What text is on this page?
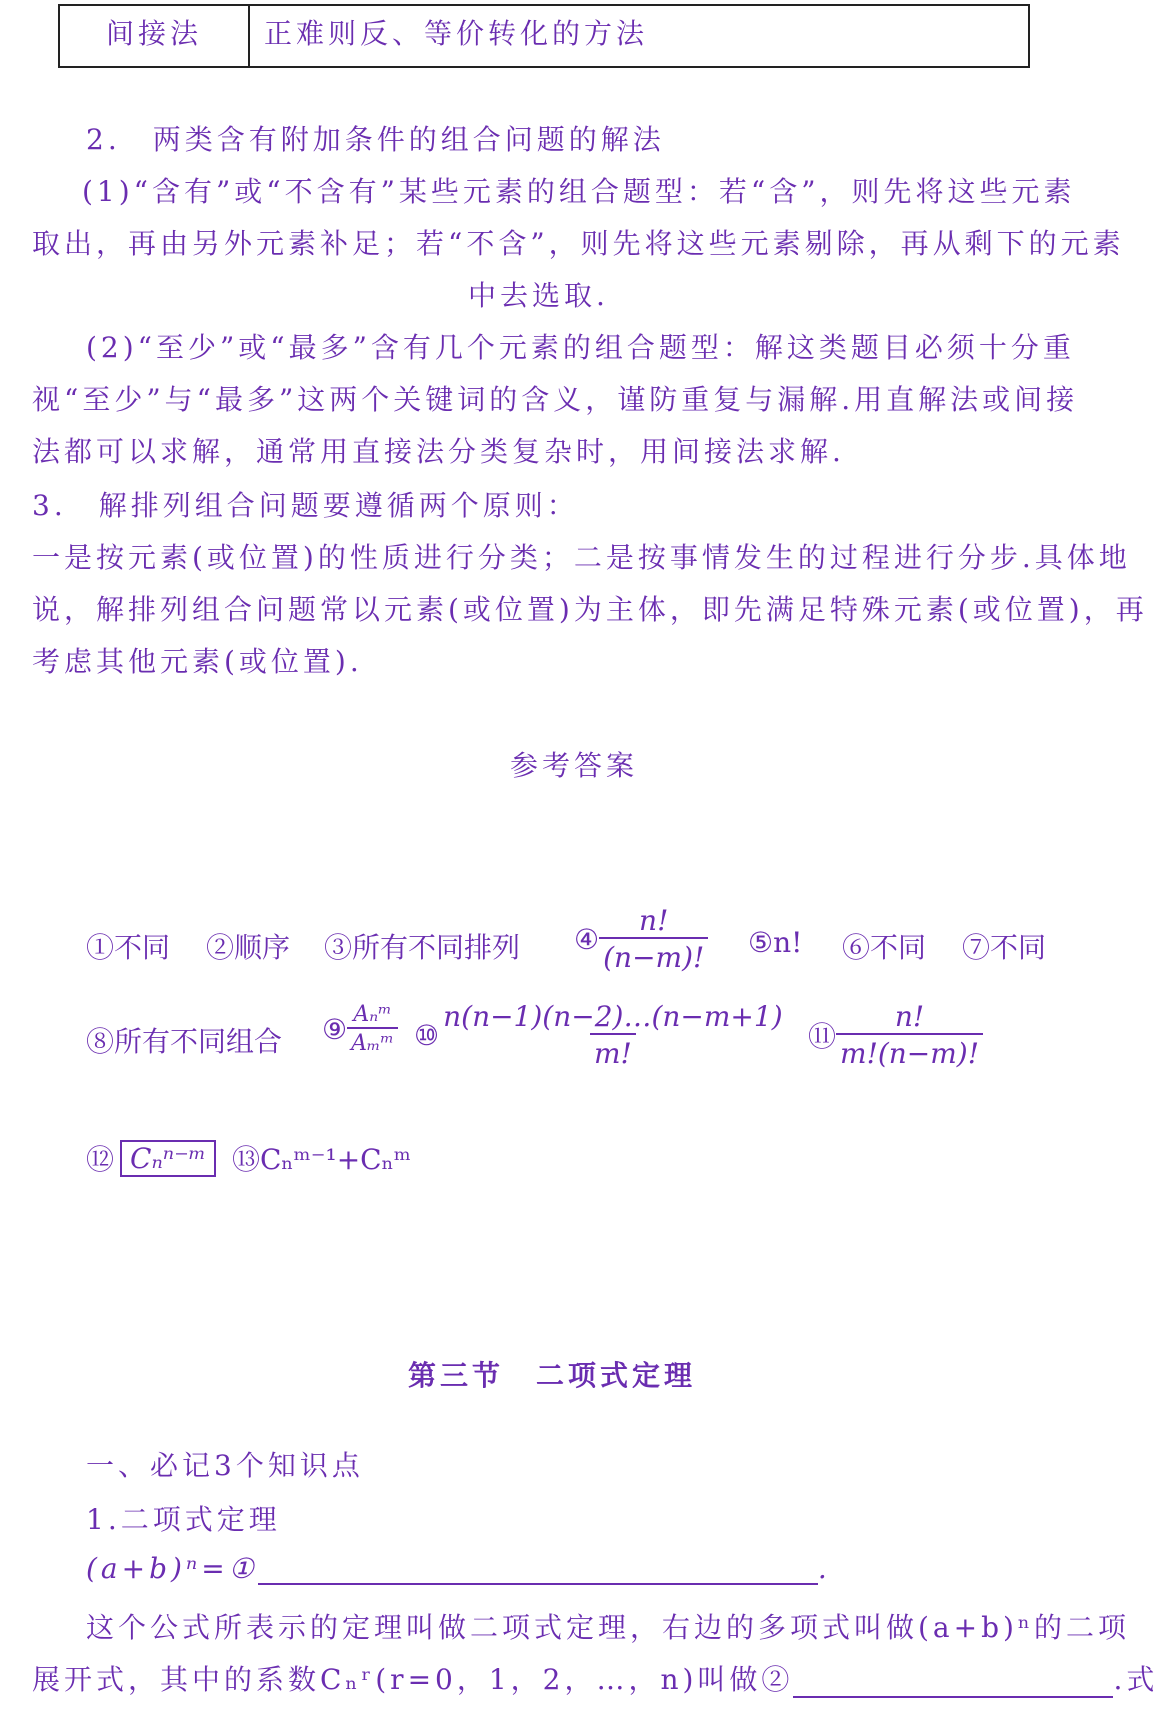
间接法	正难则反、等价转化的方法
2.　两类含有附加条件的组合问题的解法
(1)“含有”或“不含有”某些元素的组合题型：若“含”，则先将这些元素
取出，再由另外元素补足；若“不含”，则先将这些元素剔除，再从剩下的元素
中去选取.
(2)“至少”或“最多”含有几个元素的组合题型：解这类题目必须十分重
视“至少”与“最多”这两个关键词的含义，谨防重复与漏解.用直解法或间接
法都可以求解，通常用直接法分类复杂时，用间接法求解.
3.　解排列组合问题要遵循两个原则：
一是按元素(或位置)的性质进行分类；二是按事情发生的过程进行分步.具体地
说，解排列组合问题常以元素(或位置)为主体，即先满足特殊元素(或位置)，再
考虑其他元素(或位置).
参考答案
①不同 ②顺序 ③所有不同排列 ④ $\frac{n!}{(n-m)!}$ ⑤n! ⑥不同 ⑦不同
⑧所有不同组合 ⑨ $\frac{\text{Aₙᵐ}}{\text{Aₘᵐ}}$ ⑩ $\frac{n(n-1)(n-2)\dots(n-m+1)}{m!}$ ⑪ $\frac{n!}{m!(n-m)!}$
⑫ Cₙⁿ⁻ᵐ ⑬Cₙᵐ⁻¹+Cₙᵐ
第三节　二项式定理
一、必记3个知识点
1.二项式定理
(a+b)ⁿ=①	.
这个公式所表示的定理叫做二项式定理，右边的多项式叫做(a+b)ⁿ的二项
展开式，其中的系数Cₙʳ(r=0，1，2，…，n)叫做②	.式
